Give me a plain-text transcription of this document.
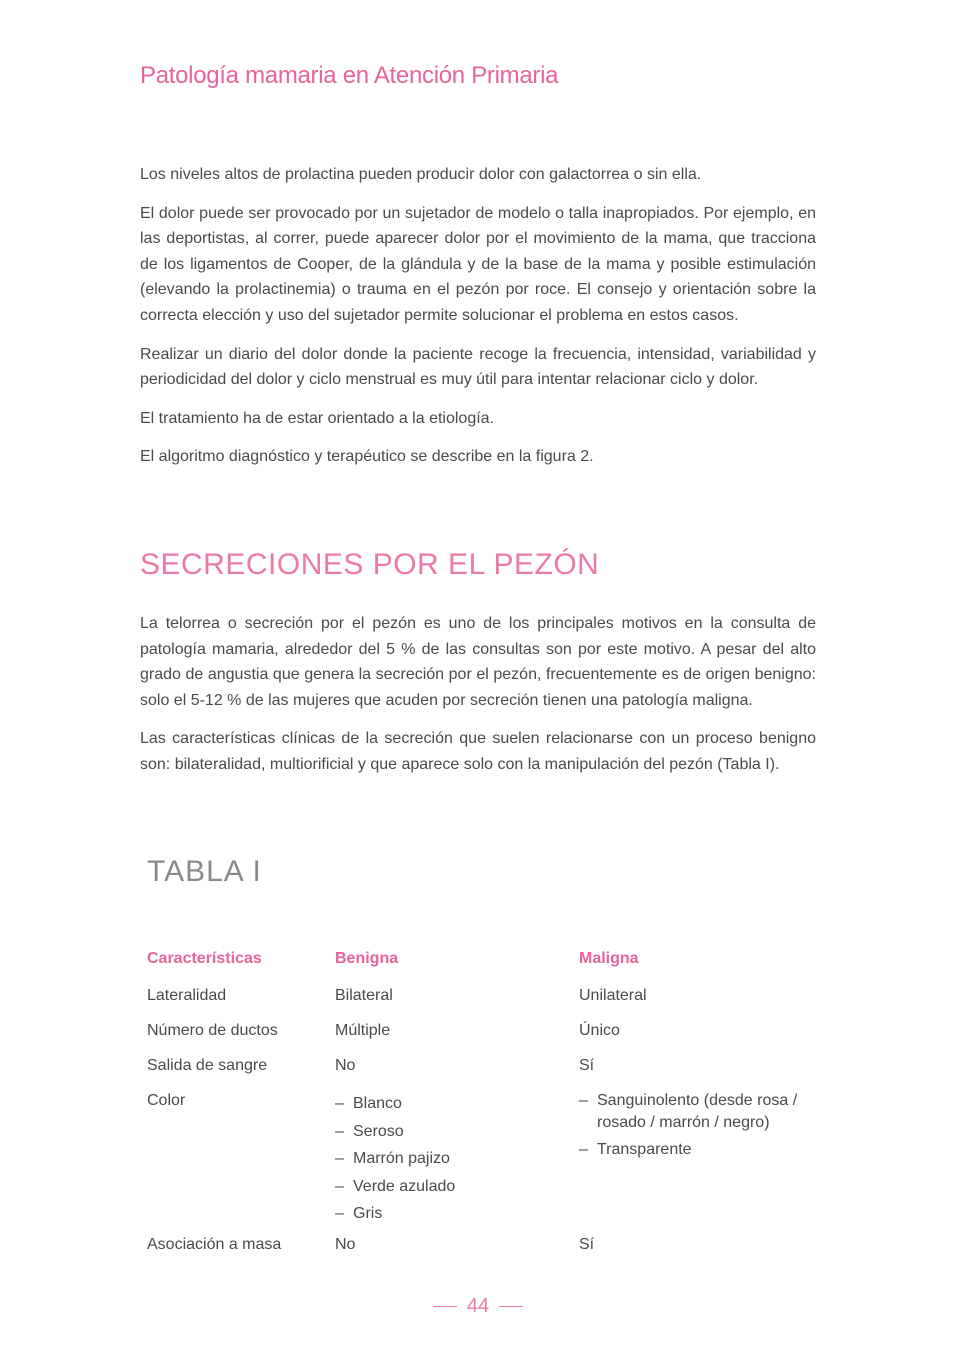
Patología mamaria en Atención Primaria

Los niveles altos de prolactina pueden producir dolor con galactorrea o sin ella.

El dolor puede ser provocado por un sujetador de modelo o talla inapropiados. Por ejemplo, en las deportistas, al correr, puede aparecer dolor por el movimiento de la mama, que tracciona de los ligamentos de Cooper, de la glándula y de la base de la mama y posible estimulación (elevando la prolactinemia) o trauma en el pezón por roce. El consejo y orientación sobre la correcta elección y uso del sujetador permite solucionar el problema en estos casos.

Realizar un diario del dolor donde la paciente recoge la frecuencia, intensidad, variabilidad y periodicidad del dolor y ciclo menstrual es muy útil para intentar relacionar ciclo y dolor.

El tratamiento ha de estar orientado a la etiología.

El algoritmo diagnóstico y terapéutico se describe en la figura 2.

SECRECIONES POR EL PEZÓN

La telorrea o secreción por el pezón es uno de los principales motivos en la consulta de patología mamaria, alrededor del 5 % de las consultas son por este motivo. A pesar del alto grado de angustia que genera la secreción por el pezón, frecuentemente es de origen benigno: solo el 5-12 % de las mujeres que acuden por secreción tienen una patología maligna.

Las características clínicas de la secreción que suelen relacionarse con un proceso benigno son: bilateralidad, multiorificial y que aparece solo con la manipulación del pezón (Tabla I).

TABLA I
Características	Benigna	Maligna
Lateralidad	Bilateral	Unilateral
Número de ductos	Múltiple	Único
Salida de sangre	No	Sí
Color
–	Blanco
– Seroso
– Marrón pajizo
– Verde azulado
– Gris
– Sanguinolento (desde rosa / rosado / marrón / negro)
– Transparente
Asociación a masa	No	Sí
44
